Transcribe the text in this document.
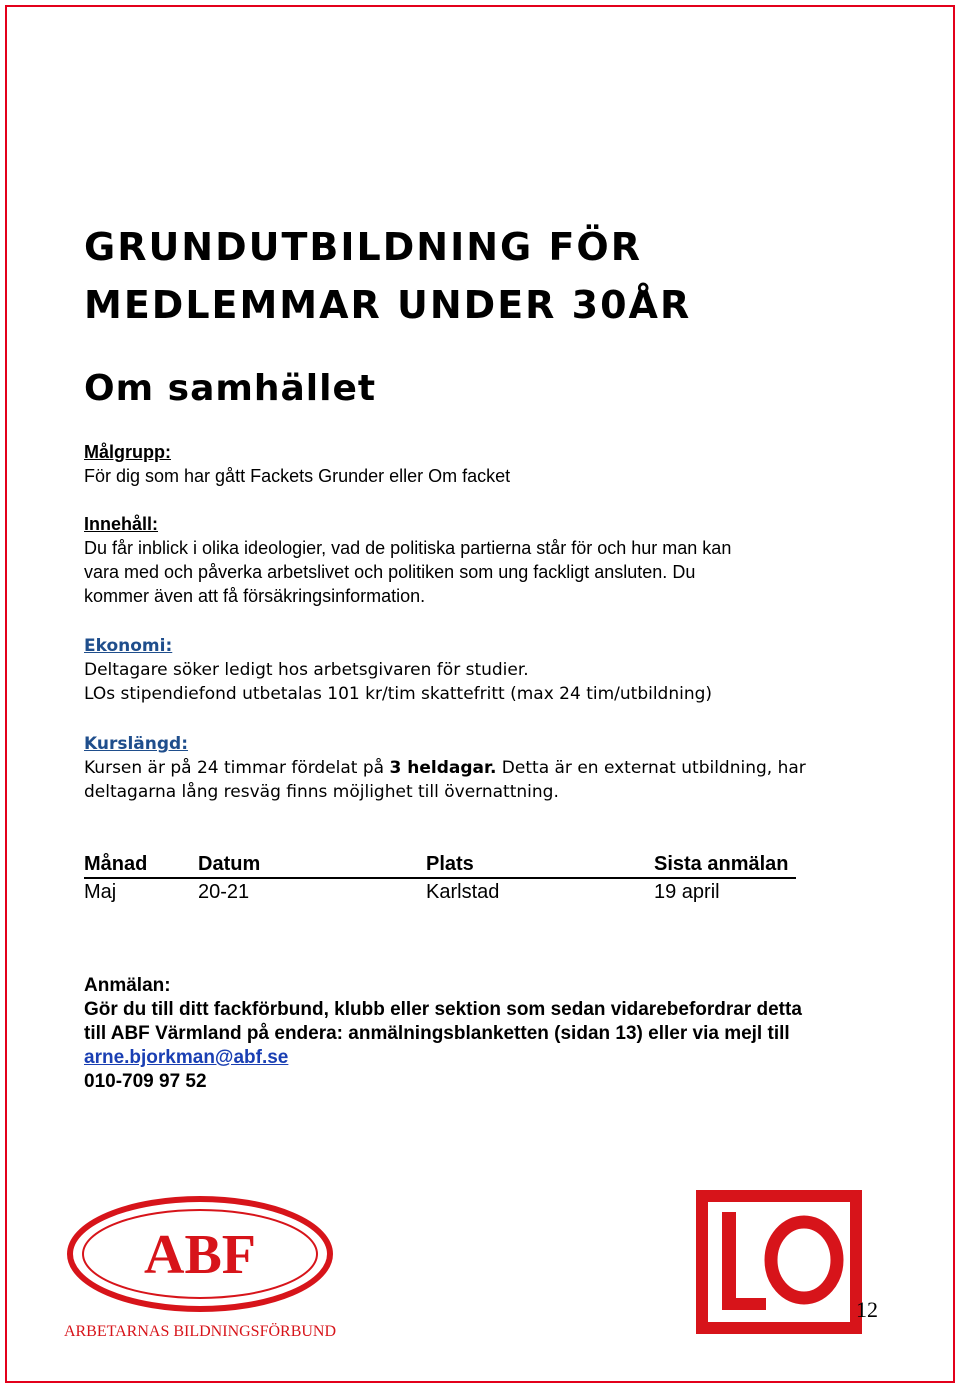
GRUNDUTBILDNING FÖR
MEDLEMMAR UNDER 30ÅR
Om samhället
Målgrupp:
För dig som har gått Fackets Grunder eller Om facket
Innehåll:
Du får inblick i olika ideologier, vad de politiska partierna står för och hur man kan
vara med och påverka arbetslivet och politiken som ung fackligt ansluten. Du
kommer även att få försäkringsinformation.
Ekonomi:
Deltagare söker ledigt hos arbetsgivaren för studier.
LOs stipendiefond utbetalas 101 kr/tim skattefritt (max 24 tim/utbildning)
Kurslängd:
Kursen är på 24 timmar fördelat på 3 heldagar. Detta är en externat utbildning, har
deltagarna lång resväg finns möjlighet till övernattning.
Månad	Datum	Plats	Sista anmälan
Maj	20-21	Karlstad	19 april
Anmälan:
Gör du till ditt fackförbund, klubb eller sektion som sedan vidarebefordrar detta
till ABF Värmland på endera: anmälningsblanketten (sidan 13) eller via mejl till
arne.bjorkman@abf.se
010-709 97 52
ABF
ARBETARNAS BILDNINGSFÖRBUND
12
